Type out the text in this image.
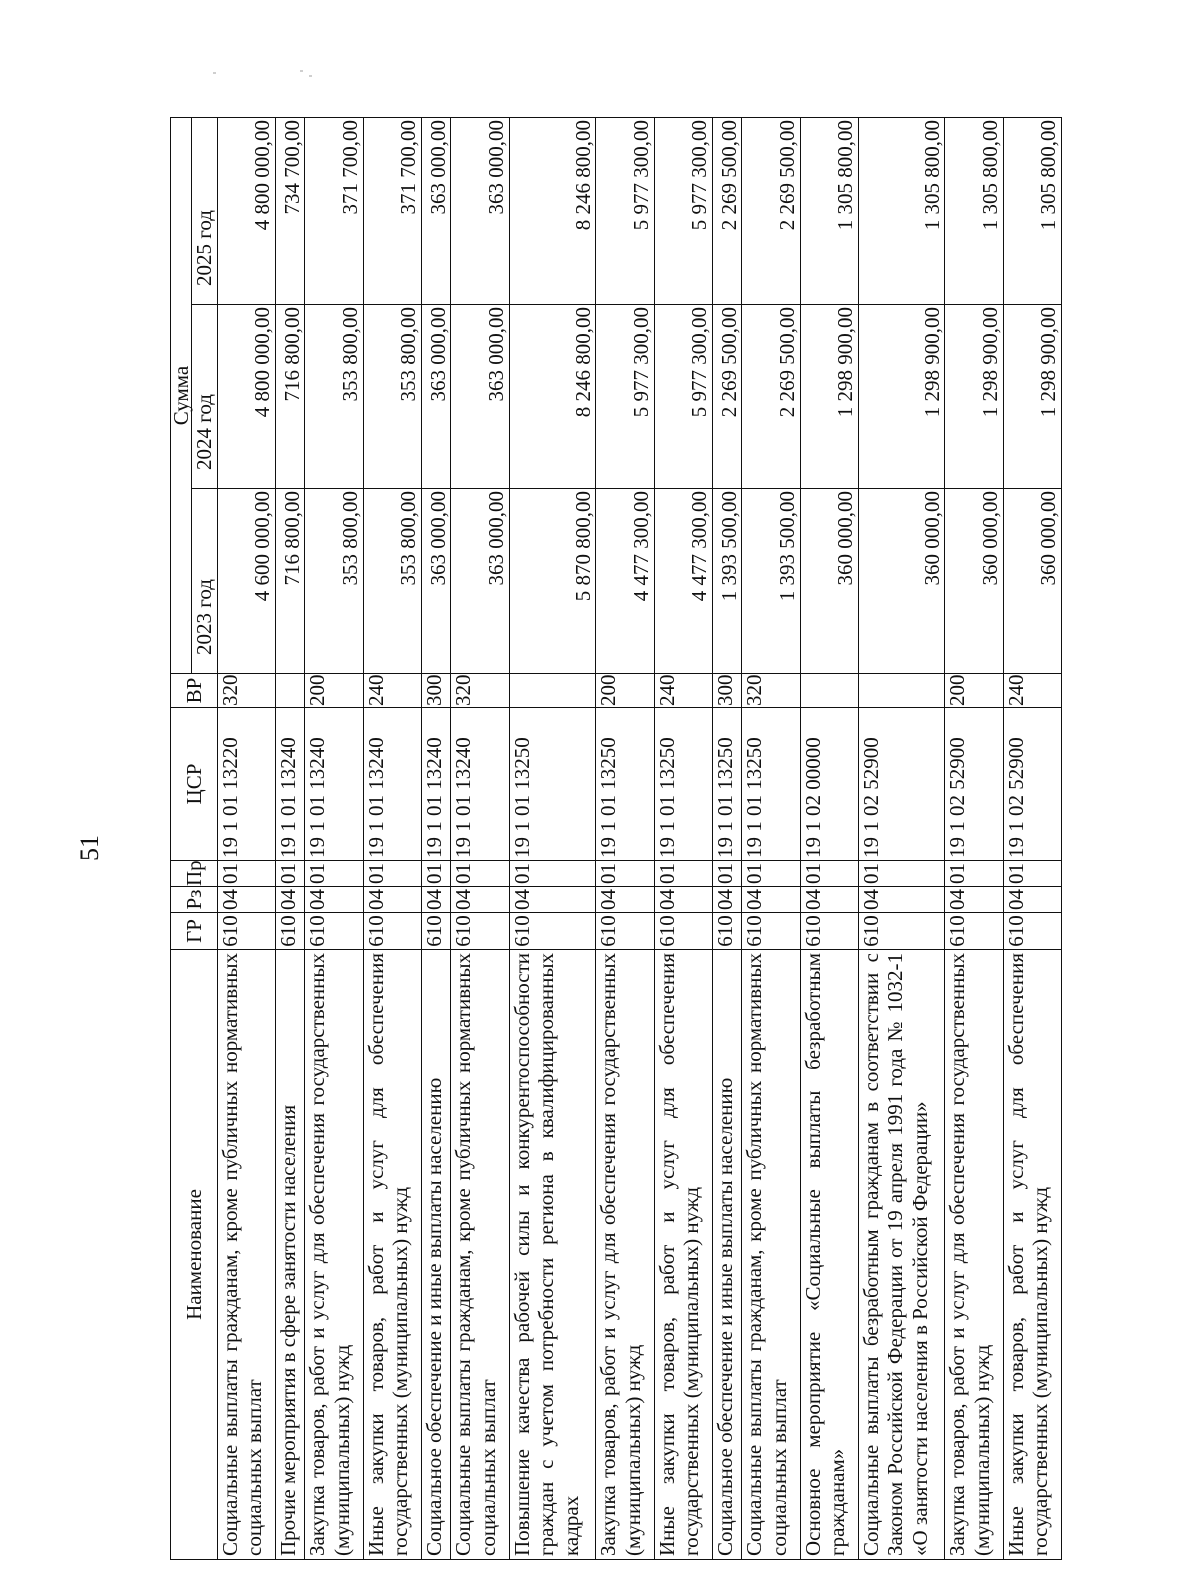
51
Наименование	ГР	Рз	Пр	ЦСР	ВР	Сумма		
						2023 год	2024 год	2025 год
Социальные выплаты гражданам, кроме публичных нормативных социальных выплат	610	04	01	19 1 01 13220	320	4 600 000,00	4 800 000,00	4 800 000,00
Прочие мероприятия в сфере занятости населения	610	04	01	19 1 01 13240		716 800,00	716 800,00	734 700,00
Закупка товаров, работ и услуг для обеспечения государственных (муниципальных) нужд	610	04	01	19 1 01 13240	200	353 800,00	353 800,00	371 700,00
Иные закупки товаров, работ и услуг для обеспечения государственных (муниципальных) нужд	610	04	01	19 1 01 13240	240	353 800,00	353 800,00	371 700,00
Социальное обеспечение и иные выплаты населению	610	04	01	19 1 01 13240	300	363 000,00	363 000,00	363 000,00
Социальные выплаты гражданам, кроме публичных нормативных социальных выплат	610	04	01	19 1 01 13240	320	363 000,00	363 000,00	363 000,00
Повышение качества рабочей силы и конкурентоспособности граждан с учетом потребности региона в квалифицированных кадрах	610	04	01	19 1 01 13250		5 870 800,00	8 246 800,00	8 246 800,00
Закупка товаров, работ и услуг для обеспечения государственных (муниципальных) нужд	610	04	01	19 1 01 13250	200	4 477 300,00	5 977 300,00	5 977 300,00
Иные закупки товаров, работ и услуг для обеспечения государственных (муниципальных) нужд	610	04	01	19 1 01 13250	240	4 477 300,00	5 977 300,00	5 977 300,00
Социальное обеспечение и иные выплаты населению	610	04	01	19 1 01 13250	300	1 393 500,00	2 269 500,00	2 269 500,00
Социальные выплаты гражданам, кроме публичных нормативных социальных выплат	610	04	01	19 1 01 13250	320	1 393 500,00	2 269 500,00	2 269 500,00
Основное мероприятие «Социальные выплаты безработным гражданам»	610	04	01	19 1 02 00000		360 000,00	1 298 900,00	1 305 800,00
Социальные выплаты безработным гражданам в соответствии с Законом Российской Федерации от 19 апреля 1991 года № 1032-1 «О занятости населения в Российской Федерации»	610	04	01	19 1 02 52900		360 000,00	1 298 900,00	1 305 800,00
Закупка товаров, работ и услуг для обеспечения государственных (муниципальных) нужд	610	04	01	19 1 02 52900	200	360 000,00	1 298 900,00	1 305 800,00
Иные закупки товаров, работ и услуг для обеспечения государственных (муниципальных) нужд	610	04	01	19 1 02 52900	240	360 000,00	1 298 900,00	1 305 800,00
